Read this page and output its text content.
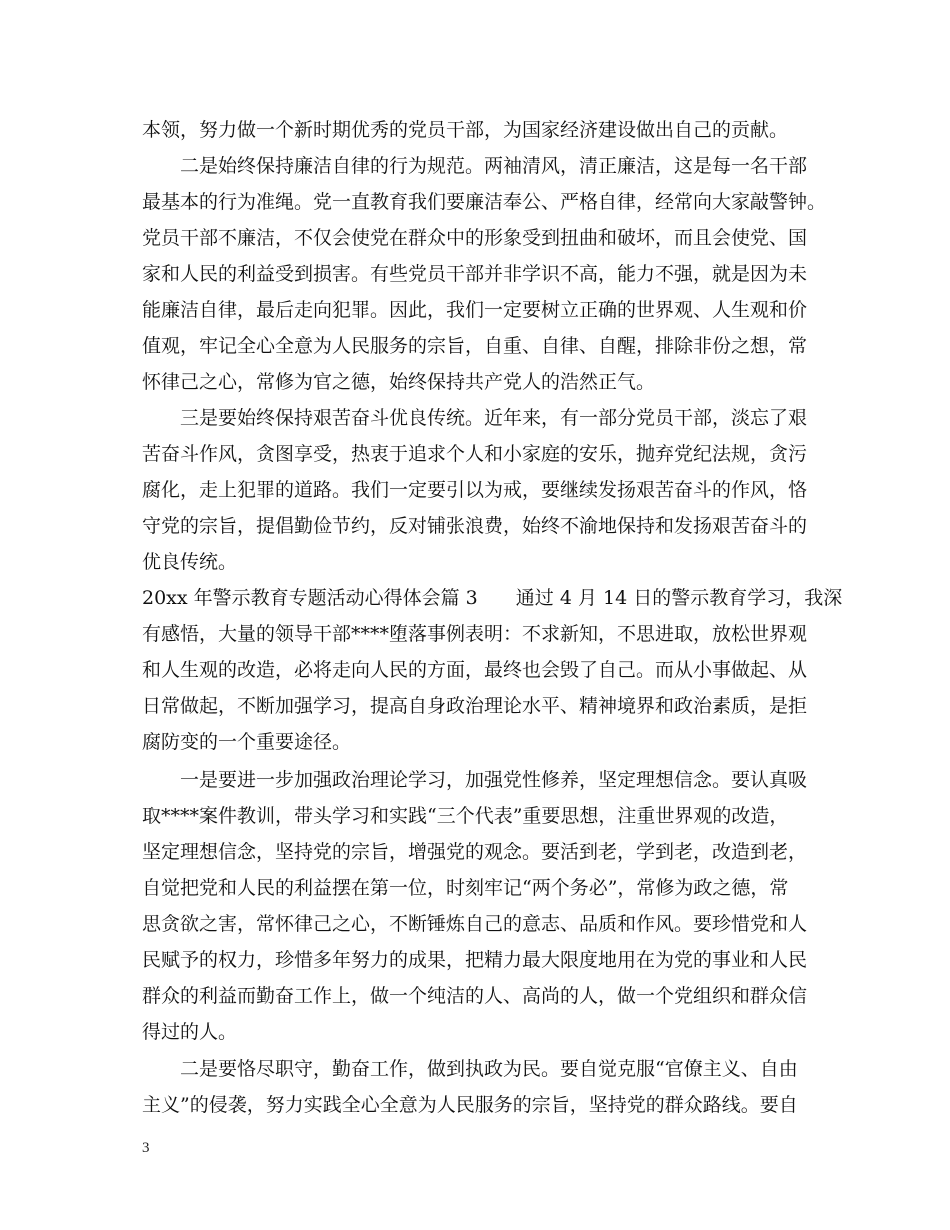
本领，努力做一个新时期优秀的党员干部，为国家经济建设做出自己的贡献。
二是始终保持廉洁自律的行为规范。两袖清风，清正廉洁，这是每一名干部
最基本的行为准绳。党一直教育我们要廉洁奉公、严格自律，经常向大家敲警钟。
党员干部不廉洁，不仅会使党在群众中的形象受到扭曲和破坏，而且会使党、国
家和人民的利益受到损害。有些党员干部并非学识不高，能力不强，就是因为未
能廉洁自律，最后走向犯罪。因此，我们一定要树立正确的世界观、人生观和价
值观，牢记全心全意为人民服务的宗旨，自重、自律、自醒，排除非份之想，常
怀律己之心，常修为官之德，始终保持共产党人的浩然正气。
三是要始终保持艰苦奋斗优良传统。近年来，有一部分党员干部，淡忘了艰
苦奋斗作风，贪图享受，热衷于追求个人和小家庭的安乐，抛弃党纪法规，贪污
腐化，走上犯罪的道路。我们一定要引以为戒，要继续发扬艰苦奋斗的作风，恪
守党的宗旨，提倡勤俭节约，反对铺张浪费，始终不渝地保持和发扬艰苦奋斗的
优良传统。
20xx 年警示教育专题活动心得体会篇 3　　通过 4 月 14 日的警示教育学习，我深
有感悟，大量的领导干部****堕落事例表明：不求新知，不思进取，放松世界观
和人生观的改造，必将走向人民的方面，最终也会毁了自己。而从小事做起、从
日常做起，不断加强学习，提高自身政治理论水平、精神境界和政治素质，是拒
腐防变的一个重要途径。
一是要进一步加强政治理论学习，加强党性修养，坚定理想信念。要认真吸
取****案件教训，带头学习和实践“三个代表”重要思想，注重世界观的改造，
坚定理想信念，坚持党的宗旨，增强党的观念。要活到老，学到老，改造到老，
自觉把党和人民的利益摆在第一位，时刻牢记“两个务必”，常修为政之德，常
思贪欲之害，常怀律己之心，不断锤炼自己的意志、品质和作风。要珍惜党和人
民赋予的权力，珍惜多年努力的成果，把精力最大限度地用在为党的事业和人民
群众的利益而勤奋工作上，做一个纯洁的人、高尚的人，做一个党组织和群众信
得过的人。
二是要恪尽职守，勤奋工作，做到执政为民。要自觉克服“官僚主义、自由
主义”的侵袭，努力实践全心全意为人民服务的宗旨，坚持党的群众路线。要自
3
